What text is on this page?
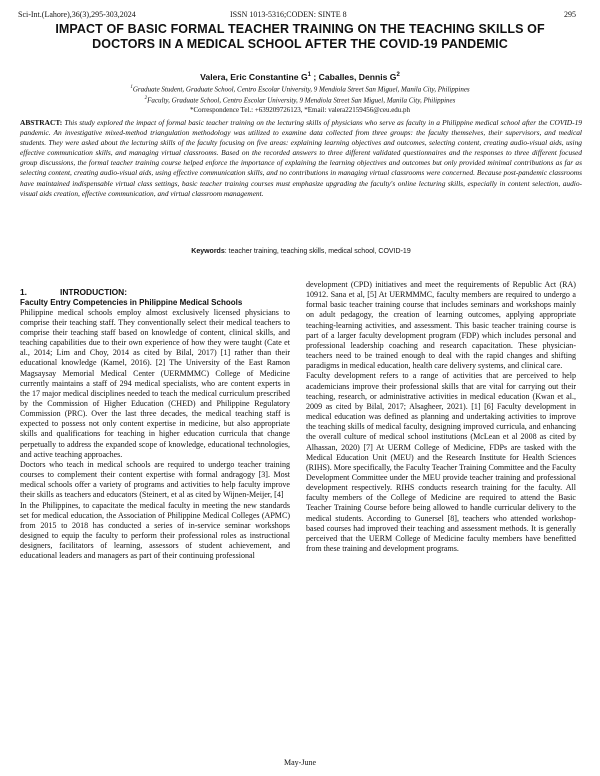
Sci-Int.(Lahore),36(3),295-303,2024	ISSN 1013-5316;CODEN: SINTE 8	295
IMPACT OF BASIC FORMAL TEACHER TRAINING ON THE TEACHING SKILLS OF DOCTORS IN A MEDICAL SCHOOL AFTER THE COVID-19 PANDEMIC
Valera, Eric Constantine $G^1$ ; Caballes, Dennis $G^2$
$^1$Graduate Student, Graduate School, Centro Escolar University, 9 Mendiola Street San Miguel, Manila City, Philippines
$^2$Faculty, Graduate School, Centro Escolar University, 9 Mendiola Street San Miguel, Manila City, Philippines
*Correspondence Tel.: +639209726123, *Email: valera22159456@ceu.edu.ph
ABSTRACT: This study explored the impact of formal basic teacher training on the lecturing skills of physicians who serve as faculty in a Philippine medical school after the COVID-19 pandemic. An investigative mixed-method triangulation methodology was utilized to examine data collected from three groups: the faculty themselves, their supervisors, and medical students. They were asked about the lecturing skills of the faculty focusing on five areas: explaining learning objectives and outcomes, selecting content, creating audio-visual aids, using effective communication skills, and managing virtual classrooms. Based on the recorded answers to three different validated questionnaires and the responses to three different focused group discussions, the formal teacher training course helped enforce the importance of explaining the learning objectives and outcomes but only provided minimal contributions as far as selecting content, creating audio-visual aids, using effective communication skills, and no contributions in managing virtual classrooms were concerned. Because post-pandemic classrooms have maintained indispensable virtual class settings, basic teacher training courses must emphasize upgrading the faculty's online lecturing skills, especially in content selection, audio-visual aids creation, effective communication, and virtual classroom management.
Keywords: teacher training, teaching skills, medical school, COVID-19
1.	INTRODUCTION:
Faculty Entry Competencies in Philippine Medical Schools

Philippine medical schools employ almost exclusively licensed physicians to comprise their teaching staff. They conventionally select their medical teachers to comprise their teaching staff based on knowledge of content, clinical skills, and teaching capabilities due to their own experience of how they were taught (Cate et al., 2014; Lim and Choy, 2014 as cited by Bilal, 2017) [1] rather than their educational knowledge (Kamel, 2016). [2] The University of the East Ramon Magsaysay Memorial Medical Center (UERMMMC) College of Medicine currently maintains a staff of 294 medical specialists, who are content experts in the 17 major medical disciplines needed to teach the medical curriculum prescribed by the Commission of Higher Education (CHED) and Philippine Regulatory Commission (PRC). Over the last three decades, the medical teaching staff is expected to possess not only content expertise in medicine, but also appropriate skills and qualifications for teaching in higher education curricula that change perpetually to address the expanded scope of knowledge, educational technologies, and active teaching approaches.

Doctors who teach in medical schools are required to undergo teacher training courses to complement their content expertise with formal andragogy [3]. Most medical schools offer a variety of programs and activities to help faculty improve their skills as teachers and educators (Steinert, et al as cited by Wijnen-Meijer, [4]

In the Philippines, to capacitate the medical faculty in meeting the new standards set for medical education, the Association of Philippine Medical Colleges (APMC) from 2015 to 2018 has conducted a series of in-service seminar workshops designed to equip the faculty to perform their professional roles as instructional designers, facilitators of learning, assessors of student achievement, and educational leaders and managers as part of their continuing professional

development (CPD) initiatives and meet the requirements of Republic Act (RA) 10912. Sana et al, [5] At UERMMMC, faculty members are required to undergo a formal basic teacher training course that includes seminars and workshops mainly on adult pedagogy, the creation of learning outcomes, applying appropriate teaching-learning activities, and assessment. This basic teacher training course is part of a larger faculty development program (FDP) which includes personal and professional leadership coaching and research capacitation. These physician-teachers need to be trained enough to deal with the rapid changes and shifting paradigms in medical education, health care delivery systems, and clinical care.

Faculty development refers to a range of activities that are perceived to help academicians improve their professional skills that are vital for carrying out their teaching, research, or administrative activities in medical education (Kwan et al., 2009 as cited by Bilal, 2017; Alsagheer, 2021). [1] [6] Faculty development in medical education was defined as planning and undertaking activities to improve the teaching skills of medical faculty, designing improved curricula, and enhancing the overall culture of medical school institutions (McLean et al 2008 as cited by Alhassan, 2020) [7] At UERM College of Medicine, FDPs are tasked with the Medical Education Unit (MEU) and the Research Institute for Health Sciences (RIHS). More specifically, the Faculty Teacher Training Committee and the Faculty Development Committee under the MEU provide teacher training and professional development respectively. RIHS conducts research training for the faculty. All faculty members of the College of Medicine are required to attend the Basic Teacher Training Course before being allowed to handle curricular delivery to the medical students. According to Gunersel [8], teachers who attended workshop-based courses had improved their teaching and assessment methods. It is generally perceived that the UERM College of Medicine faculty members have benefitted from these training and development programs.

May-June
